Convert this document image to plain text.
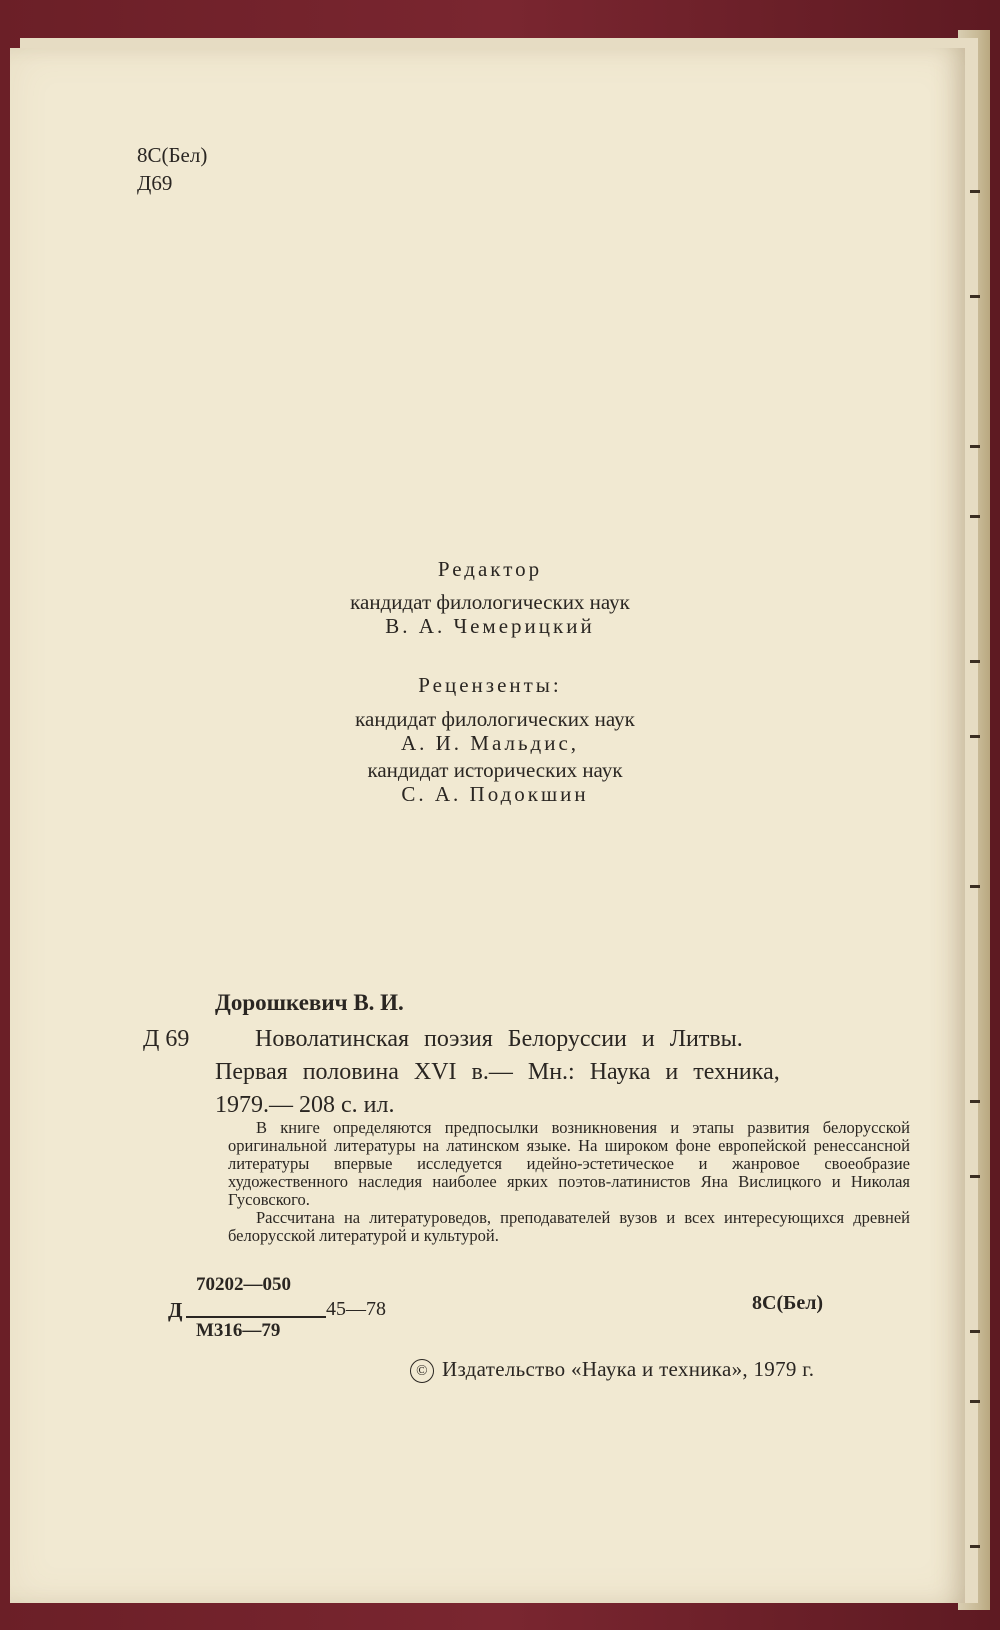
8С(Бел)
Д69
Редактор
кандидат филологических наук
В. А. Чемерицкий
Рецензенты:
кандидат филологических наук
А. И. Мальдис,
кандидат исторических наук
С. А. Подокшин
Дорошкевич В. И.
Д 69	Новолатинская поэзия Белоруссии и Литвы.
Первая половина XVI в.— Мн.: Наука и техника,
1979.— 208 с. ил.

В книге определяются предпосылки возникновения и этапы развития белорусской оригинальной литературы на латинском языке. На широком фоне европейской ренессансной литературы впервые исследуется идейно-эстетическое и жанровое своеобразие художественного наследия наиболее ярких поэтов-латинистов Яна Вислицкого и Николая Гусовского.

Рассчитана на литературоведов, преподавателей вузов и всех интересующихся древней белорусской литературой и культурой.

70202—050
Д	45—78
М316—79
8С(Бел)
© Издательство «Наука и техника», 1979 г.
